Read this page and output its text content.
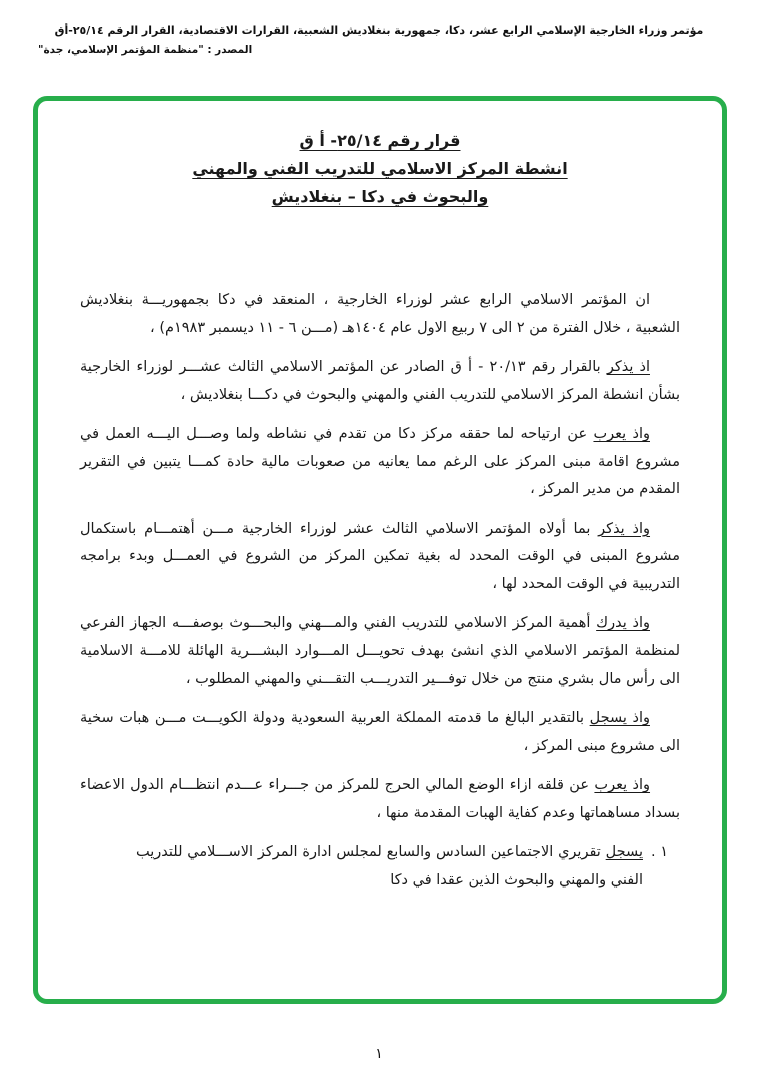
مؤتمر وزراء الخارجية الإسلامي الرابع عشر، دكا، جمهورية بنغلاديش الشعبية، القرارات الاقتصادية، القرار الرقم ٢٥/١٤-أق
المصدر : "منظمة المؤتمر الإسلامي، جدة"
قرار رقم ٢٥/١٤- أ ق
انشطة المركز الاسلامي للتدريب الفني والمهني
والبحوث في دكا – بنغلاديش

ان المؤتمر الاسلامي الرابع عشر لوزراء الخارجية ، المنعقد في دكا بجمهوريـــة بنغلاديش الشعبية ، خلال الفترة من ٢ الى ٧ ربيع الاول عام ١٤٠٤هـ (مـــن ٦ - ١١ ديسمبر ١٩٨٣م) ،

اذ يذكر بالقرار رقم ٢٠/١٣ - أ ق الصادر عن المؤتمر الاسلامي الثالث عشـــر لوزراء الخارجية بشأن انشطة المركز الاسلامي للتدريب الفني والمهني والبحوث في دكـــا بنغلاديش ،

واذ يعرب عن ارتياحه لما حققه مركز دكا من تقدم في نشاطه ولما وصـــل اليـــه العمل في مشروع اقامة مبنى المركز على الرغم مما يعانيه من صعوبات مالية حادة كمـــا يتبين في التقرير المقدم من مدير المركز ،

واذ يذكر بما أولاه المؤتمر الاسلامي الثالث عشر لوزراء الخارجية مـــن أهتمـــام باستكمال مشروع المبنى في الوقت المحدد له بغية تمكين المركز من الشروع في العمـــل وبدء برامجه التدريبية في الوقت المحدد لها ،

واذ يدرك أهمية المركز الاسلامي للتدريب الفني والمـــهني والبحـــوث بوصفـــه الجهاز الفرعي لمنظمة المؤتمر الاسلامي الذي انشئ بهدف تحويـــل المـــوارد البشـــرية الهائلة للامـــة الاسلامية الى رأس مال بشري منتج من خلال توفـــير التدريـــب التقـــني والمهني المطلوب ،

واذ يسجل بالتقدير البالغ ما قدمته المملكة العربية السعودية ودولة الكويـــت مـــن هبات سخية الى مشروع مبنى المركز ،

واذ يعرب عن قلقه ازاء الوضع المالي الحرج للمركز من جـــراء عـــدم انتظـــام الدول الاعضاء بسداد مساهماتها وعدم كفاية الهبات المقدمة منها ،

١ .

يسجل تقريري الاجتماعين السادس والسابع لمجلس ادارة المركز الاســـلامي للتدريب الفني والمهني والبحوث الذين عقدا في دكا

١
